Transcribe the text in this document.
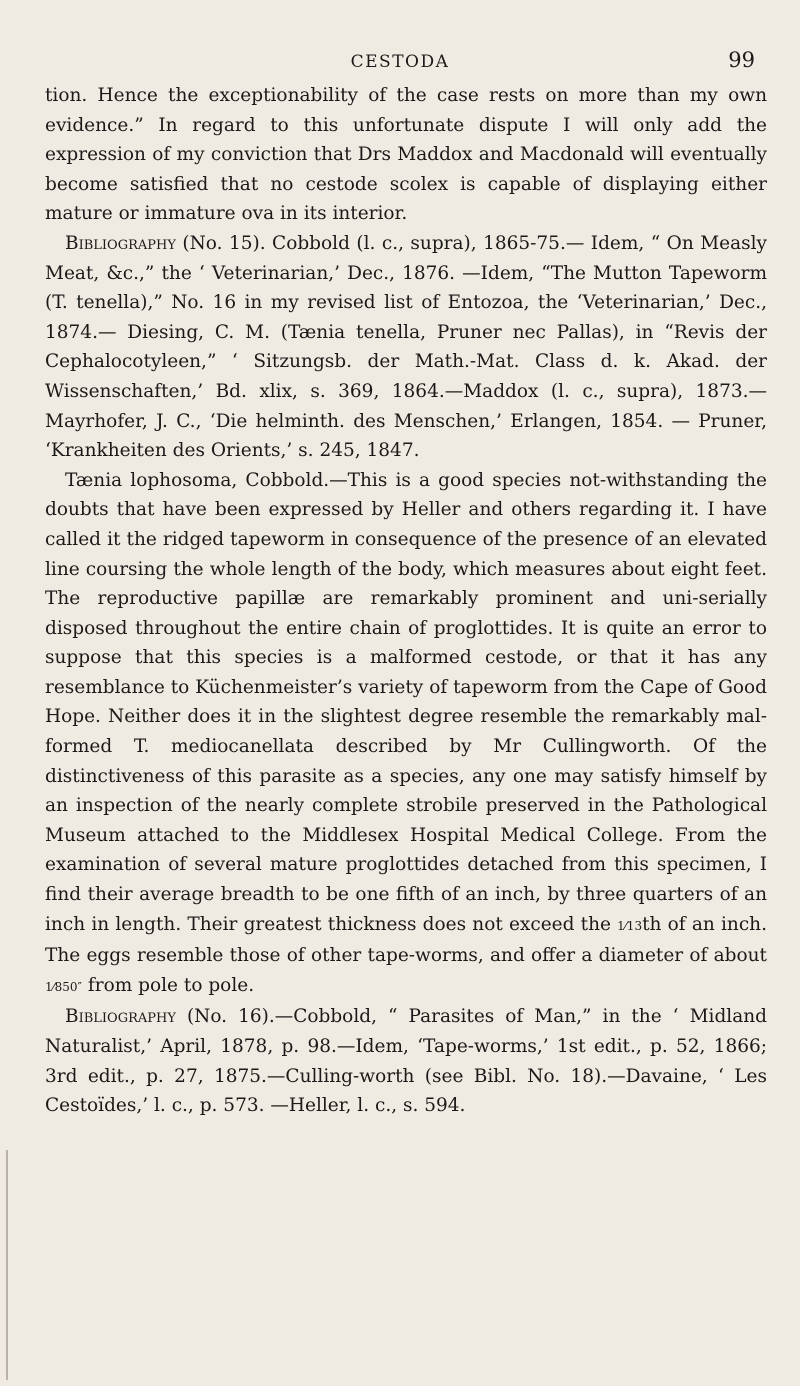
CESTODA	99

tion. Hence the exceptionability of the case rests on more than my own evidence.” In regard to this unfortunate dispute I will only add the expression of my conviction that Drs Maddox and Macdonald will eventually become satisfied that no cestode scolex is capable of displaying either mature or immature ova in its interior.

Bibliography (No. 15). Cobbold (l. c., supra), 1865-75.— Idem, “ On Measly Meat, &c.,” the ‘ Veterinarian,’ Dec., 1876. —Idem, “The Mutton Tapeworm (T. tenella),” No. 16 in my revised list of Entozoa, the ‘Veterinarian,’ Dec., 1874.— Diesing, C. M. (Tænia tenella, Pruner nec Pallas), in “Revis der Cephalocotyleen,” ‘ Sitzungsb. der Math.-Mat. Class d. k. Akad. der Wissenschaften,’ Bd. xlix, s. 369, 1864.—Maddox (l. c., supra), 1873.—Mayrhofer, J. C., ‘Die helminth. des Menschen,’ Erlangen, 1854. — Pruner, ‘Krankheiten des Orients,’ s. 245, 1847.

Tænia lophosoma, Cobbold.—This is a good species not-withstanding the doubts that have been expressed by Heller and others regarding it. I have called it the ridged tapeworm in consequence of the presence of an elevated line coursing the whole length of the body, which measures about eight feet. The reproductive papillæ are remarkably prominent and uni-serially disposed throughout the entire chain of proglottides. It is quite an error to suppose that this species is a malformed cestode, or that it has any resemblance to Küchenmeister’s variety of tapeworm from the Cape of Good Hope. Neither does it in the slightest degree resemble the remarkably mal-formed T. mediocanellata described by Mr Cullingworth. Of the distinctiveness of this parasite as a species, any one may satisfy himself by an inspection of the nearly complete strobile preserved in the Pathological Museum attached to the Middlesex Hospital Medical College. From the examination of several mature proglottides detached from this specimen, I find their average breadth to be one fifth of an inch, by three quarters of an inch in length. Their greatest thickness does not exceed the 1⁄13th of an inch. The eggs resemble those of other tape-worms, and offer a diameter of about 1⁄850″ from pole to pole.

Bibliography (No. 16).—Cobbold, “ Parasites of Man,” in the ‘ Midland Naturalist,’ April, 1878, p. 98.—Idem, ‘Tape-worms,’ 1st edit., p. 52, 1866; 3rd edit., p. 27, 1875.—Culling-worth (see Bibl. No. 18).—Davaine, ‘ Les Cestoïdes,’ l. c., p. 573. —Heller, l. c., s. 594.
